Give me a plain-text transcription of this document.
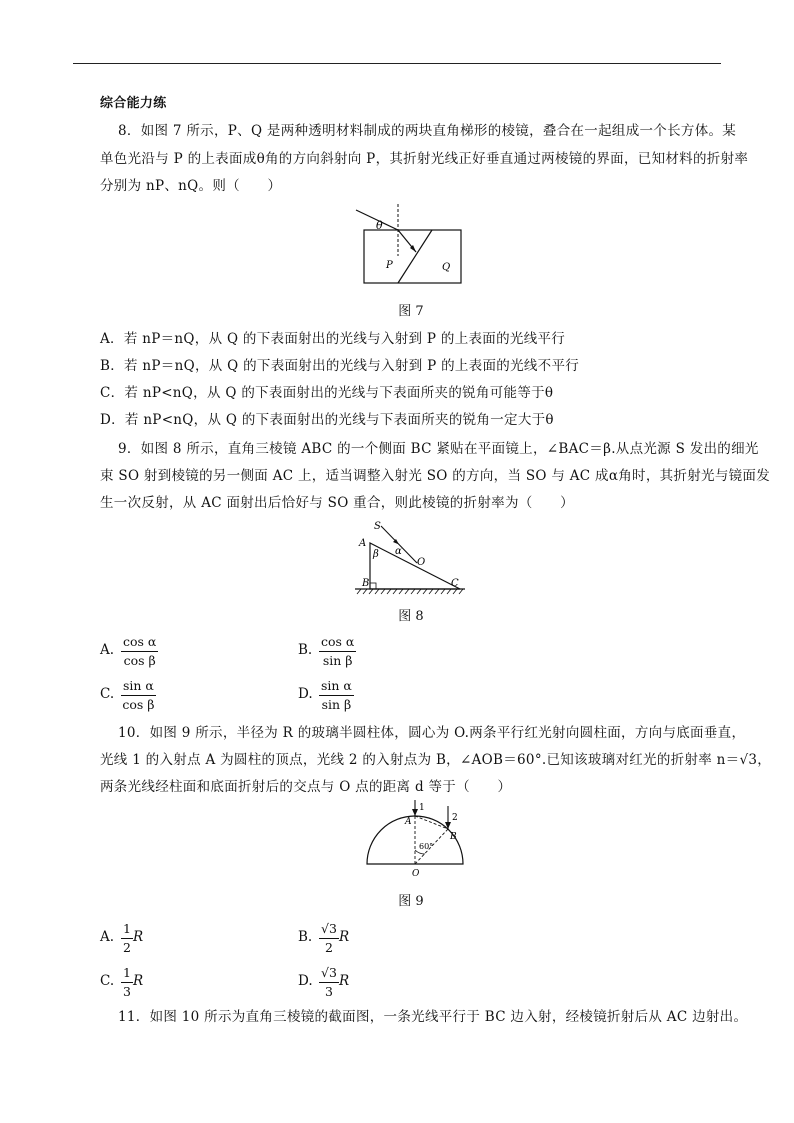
综合能力练
8．如图 7 所示，P、Q 是两种透明材料制成的两块直角梯形的棱镜，叠合在一起组成一个长方体。某
单色光沿与 P 的上表面成θ角的方向斜射向 P，其折射光线正好垂直通过两棱镜的界面，已知材料的折射率
分别为 nP、nQ。则（　　）
θ
P	Q
图 7
A．若 nP＝nQ，从 Q 的下表面射出的光线与入射到 P 的上表面的光线平行
B．若 nP＝nQ，从 Q 的下表面射出的光线与入射到 P 的上表面的光线不平行
C．若 nP<nQ，从 Q 的下表面射出的光线与下表面所夹的锐角可能等于θ
D．若 nP<nQ，从 Q 的下表面射出的光线与下表面所夹的锐角一定大于θ
9．如图 8 所示，直角三棱镜 ABC 的一个侧面 BC 紧贴在平面镜上，∠BAC＝β.从点光源 S 发出的细光
束 SO 射到棱镜的另一侧面 AC 上，适当调整入射光 SO 的方向，当 SO 与 AC 成α角时，其折射光与镜面发
生一次反射，从 AC 面射出后恰好与 SO 重合，则此棱镜的折射率为（　　）
S
A
B	C
O
α
β
图 8
A. $\frac{\text{cos α}}{\text{cos β}}$	B. $\frac{\text{cos α}}{\text{sin β}}$
C. $\frac{\text{sin α}}{\text{cos β}}$	D. $\frac{\text{sin α}}{\text{sin β}}$
10．如图 9 所示，半径为 R 的玻璃半圆柱体，圆心为 O.两条平行红光射向圆柱面，方向与底面垂直，
光线 1 的入射点 A 为圆柱的顶点，光线 2 的入射点为 B，∠AOB＝60°.已知该玻璃对红光的折射率 n＝√3，
两条光线经柱面和底面折射后的交点与 O 点的距离 d 等于（　　）
1
2
A
B
O
60°
图 9
A. $\frac{1}{2}$ R	B. $\frac{√3}{2}$ R
C. $\frac{1}{3}$ R	D. $\frac{√3}{3}$ R
11．如图 10 所示为直角三棱镜的截面图，一条光线平行于 BC 边入射，经棱镜折射后从 AC 边射出。
